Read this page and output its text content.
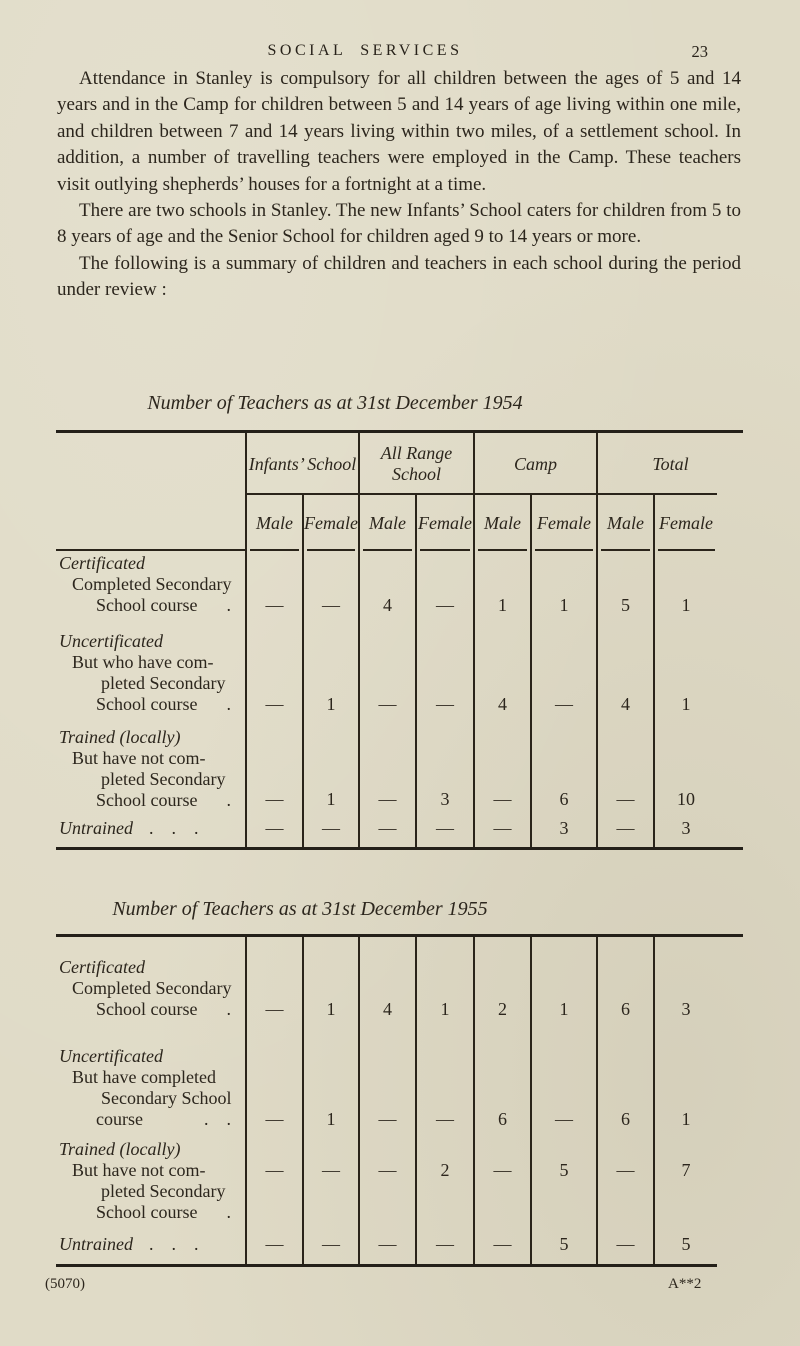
SOCIAL SERVICES	23

Attendance in Stanley is compulsory for all children between the ages of 5 and 14 years and in the Camp for children between 5 and 14 years of age living within one mile, and children between 7 and 14 years living within two miles, of a settlement school. In addition, a number of travelling teachers were employed in the Camp. These teachers visit outlying shepherds’ houses for a fortnight at a time.

There are two schools in Stanley. The new Infants’ School caters for children from 5 to 8 years of age and the Senior School for children aged 9 to 14 years or more.

The following is a summary of children and teachers in each school during the period under review :

Number of Teachers as at 31st December 1954
Infants’ School
All Range School
Camp	Total
Male Female Male Female Male Female Male Female
Certificated
Completed Secondary
School course . — — 4 — 1	1	5	1
Uncertificated
But who have com-
pleted Secondary
School course . — 1 — — 4	—	4	1
Trained (locally)
But have not com-
pleted Secondary
School course . — 1 — 3 —	6	— 10
Untrained . . .	— — — — —	3	—	3
Number of Teachers as at 31st December 1955
Certificated
Completed Secondary
School course . — 1	4	1	2	1	6	3
Uncertificated
But have completed
Secondary School
course	. . — 1 — — 6	—	6	1
Trained (locally)
But have not com-
pleted Secondary
School course .
— — — 2 —	5	—	7
Untrained . . .	— — — — —	5	—	5
(5070)	A**2
